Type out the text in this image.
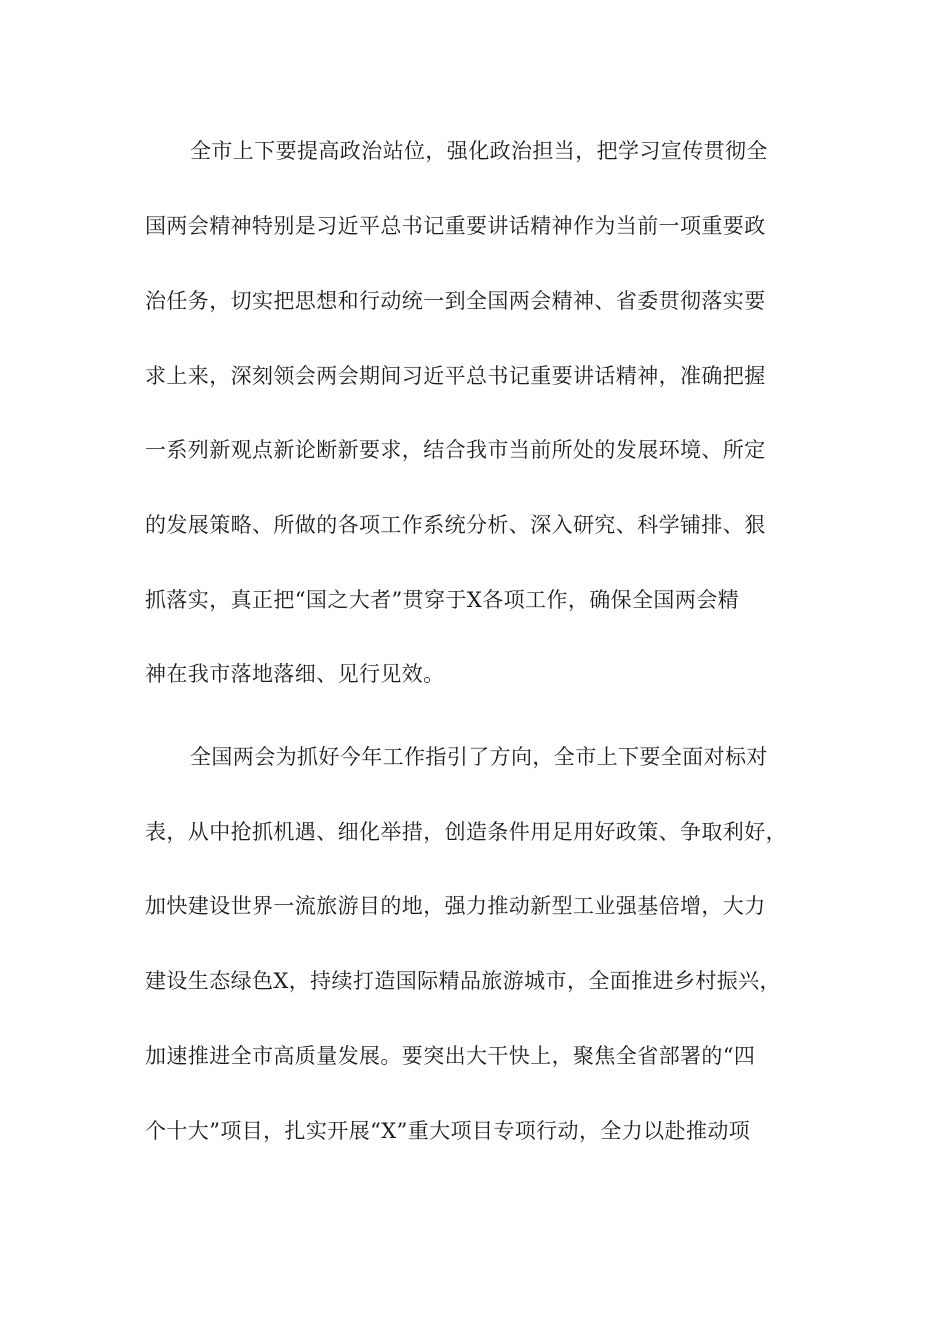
全市上下要提高政治站位，强化政治担当，把学习宣传贯彻全
国两会精神特别是习近平总书记重要讲话精神作为当前一项重要政
治任务，切实把思想和行动统一到全国两会精神、省委贯彻落实要
求上来，深刻领会两会期间习近平总书记重要讲话精神，准确把握
一系列新观点新论断新要求，结合我市当前所处的发展环境、所定
的发展策略、所做的各项工作系统分析、深入研究、科学铺排、狠
抓落实，真正把“国之大者”贯穿于X各项工作，确保全国两会精
神在我市落地落细、见行见效。
全国两会为抓好今年工作指引了方向，全市上下要全面对标对
表，从中抢抓机遇、细化举措，创造条件用足用好政策、争取利好，
加快建设世界一流旅游目的地，强力推动新型工业强基倍增，大力
建设生态绿色X，持续打造国际精品旅游城市，全面推进乡村振兴，
加速推进全市高质量发展。要突出大干快上，聚焦全省部署的“四
个十大”项目，扎实开展“X”重大项目专项行动，全力以赴推动项
